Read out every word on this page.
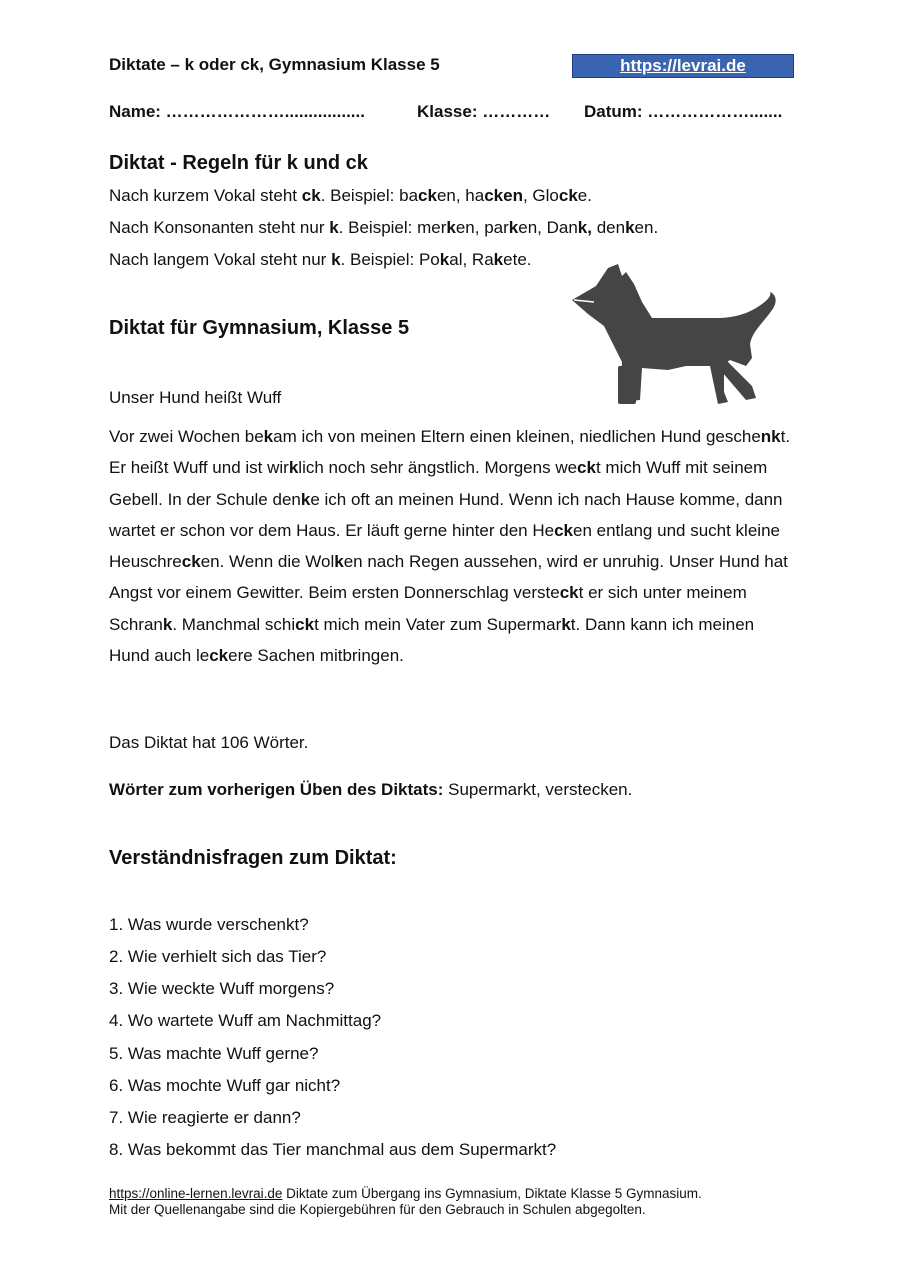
Diktate – k oder ck, Gymnasium Klasse 5	https://levrai.de
Name: ………………….................	Klasse: ………… Datum: ……………….......
Diktat - Regeln für k und ck
Nach kurzem Vokal steht ck. Beispiel: backen, hacken, Glocke.
Nach Konsonanten steht nur k. Beispiel: merken, parken, Dank, denken.
Nach langem Vokal steht nur k. Beispiel: Pokal, Rakete.
Diktat für Gymnasium, Klasse 5
Unser Hund heißt Wuff
Vor zwei Wochen bekam ich von meinen Eltern einen kleinen, niedlichen Hund geschenkt. Er heißt Wuff und ist wirklich noch sehr ängstlich. Morgens weckt mich Wuff mit seinem Gebell. In der Schule denke ich oft an meinen Hund. Wenn ich nach Hause komme, dann wartet er schon vor dem Haus. Er läuft gerne hinter den Hecken entlang und sucht kleine Heuschrecken. Wenn die Wolken nach Regen aussehen, wird er unruhig. Unser Hund hat Angst vor einem Gewitter. Beim ersten Donnerschlag versteckt er sich unter meinem Schrank. Manchmal schickt mich mein Vater zum Supermarkt. Dann kann ich meinen Hund auch leckere Sachen mitbringen.
Das Diktat hat 106 Wörter.
Wörter zum vorherigen Üben des Diktats: Supermarkt, verstecken.
Verständnisfragen zum Diktat:
1. Was wurde verschenkt?
2. Wie verhielt sich das Tier?
3. Wie weckte Wuff morgens?
4. Wo wartete Wuff am Nachmittag?
5. Was machte Wuff gerne?
6. Was mochte Wuff gar nicht?
7. Wie reagierte er dann?
8. Was bekommt das Tier manchmal aus dem Supermarkt?
https://online-lernen.levrai.de Diktate zum Übergang ins Gymnasium, Diktate Klasse 5 Gymnasium.
Mit der Quellenangabe sind die Kopiergebühren für den Gebrauch in Schulen abgegolten.
